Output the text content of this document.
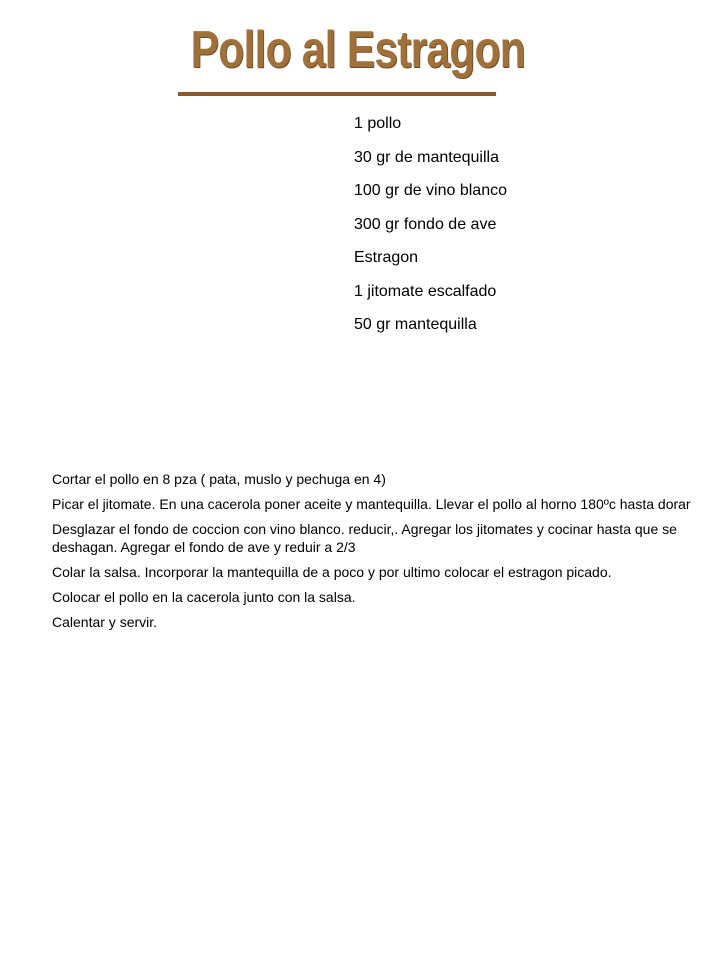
Pollo al Estragon
1 pollo
30 gr de mantequilla
100 gr de vino blanco
300 gr fondo de ave
Estragon
1 jitomate escalfado
50 gr mantequilla
Cortar el pollo en 8 pza ( pata, muslo y pechuga en 4)
Picar el jitomate. En una cacerola poner aceite y mantequilla. Llevar el pollo al horno 180ºc hasta dorar
Desglazar el fondo de coccion con vino blanco. reducir,. Agregar los jitomates y cocinar hasta que se deshagan. Agregar el fondo de ave y reduir a 2/3
Colar la salsa. Incorporar la mantequilla de a poco y por ultimo colocar el estragon picado.
Colocar el pollo en la cacerola junto con la salsa.
Calentar y servir.
